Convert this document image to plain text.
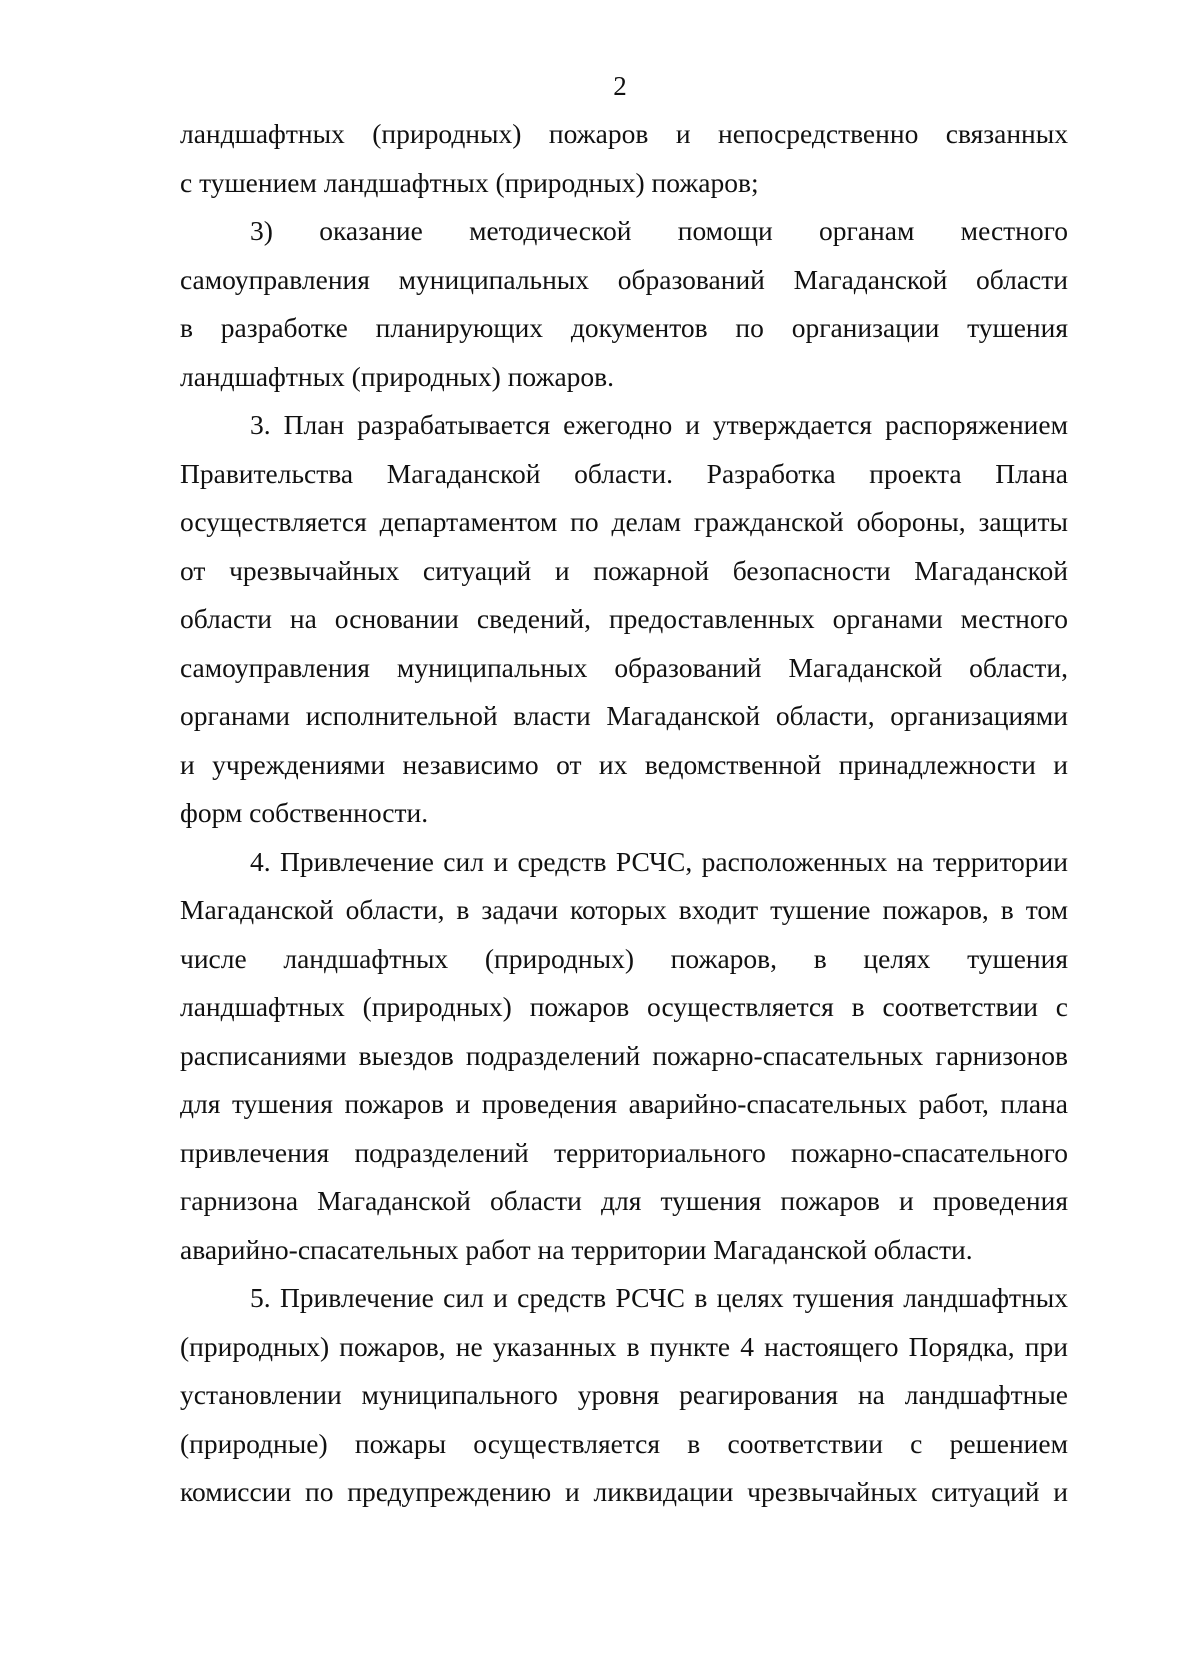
2
ландшафтных (природных) пожаров и непосредственно связанных
с тушением ландшафтных (природных) пожаров;
3) оказание методической помощи органам местного
самоуправления муниципальных образований Магаданской области
в разработке планирующих документов по организации тушения
ландшафтных (природных) пожаров.
3. План разрабатывается ежегодно и утверждается распоряжением
Правительства Магаданской области. Разработка проекта Плана
осуществляется департаментом по делам гражданской обороны, защиты
от чрезвычайных ситуаций и пожарной безопасности Магаданской
области на основании сведений, предоставленных органами местного
самоуправления муниципальных образований Магаданской области,
органами исполнительной власти Магаданской области, организациями
и учреждениями независимо от их ведомственной принадлежности и
форм собственности.
4. Привлечение сил и средств РСЧС, расположенных на территории
Магаданской области, в задачи которых входит тушение пожаров, в том
числе ландшафтных (природных) пожаров, в целях тушения
ландшафтных (природных) пожаров осуществляется в соответствии с
расписаниями выездов подразделений пожарно-спасательных гарнизонов
для тушения пожаров и проведения аварийно-спасательных работ, плана
привлечения подразделений территориального пожарно-спасательного
гарнизона Магаданской области для тушения пожаров и проведения
аварийно-спасательных работ на территории Магаданской области.
5. Привлечение сил и средств РСЧС в целях тушения ландшафтных
(природных) пожаров, не указанных в пункте 4 настоящего Порядка, при
установлении муниципального уровня реагирования на ландшафтные
(природные) пожары осуществляется в соответствии с решением
комиссии по предупреждению и ликвидации чрезвычайных ситуаций и
